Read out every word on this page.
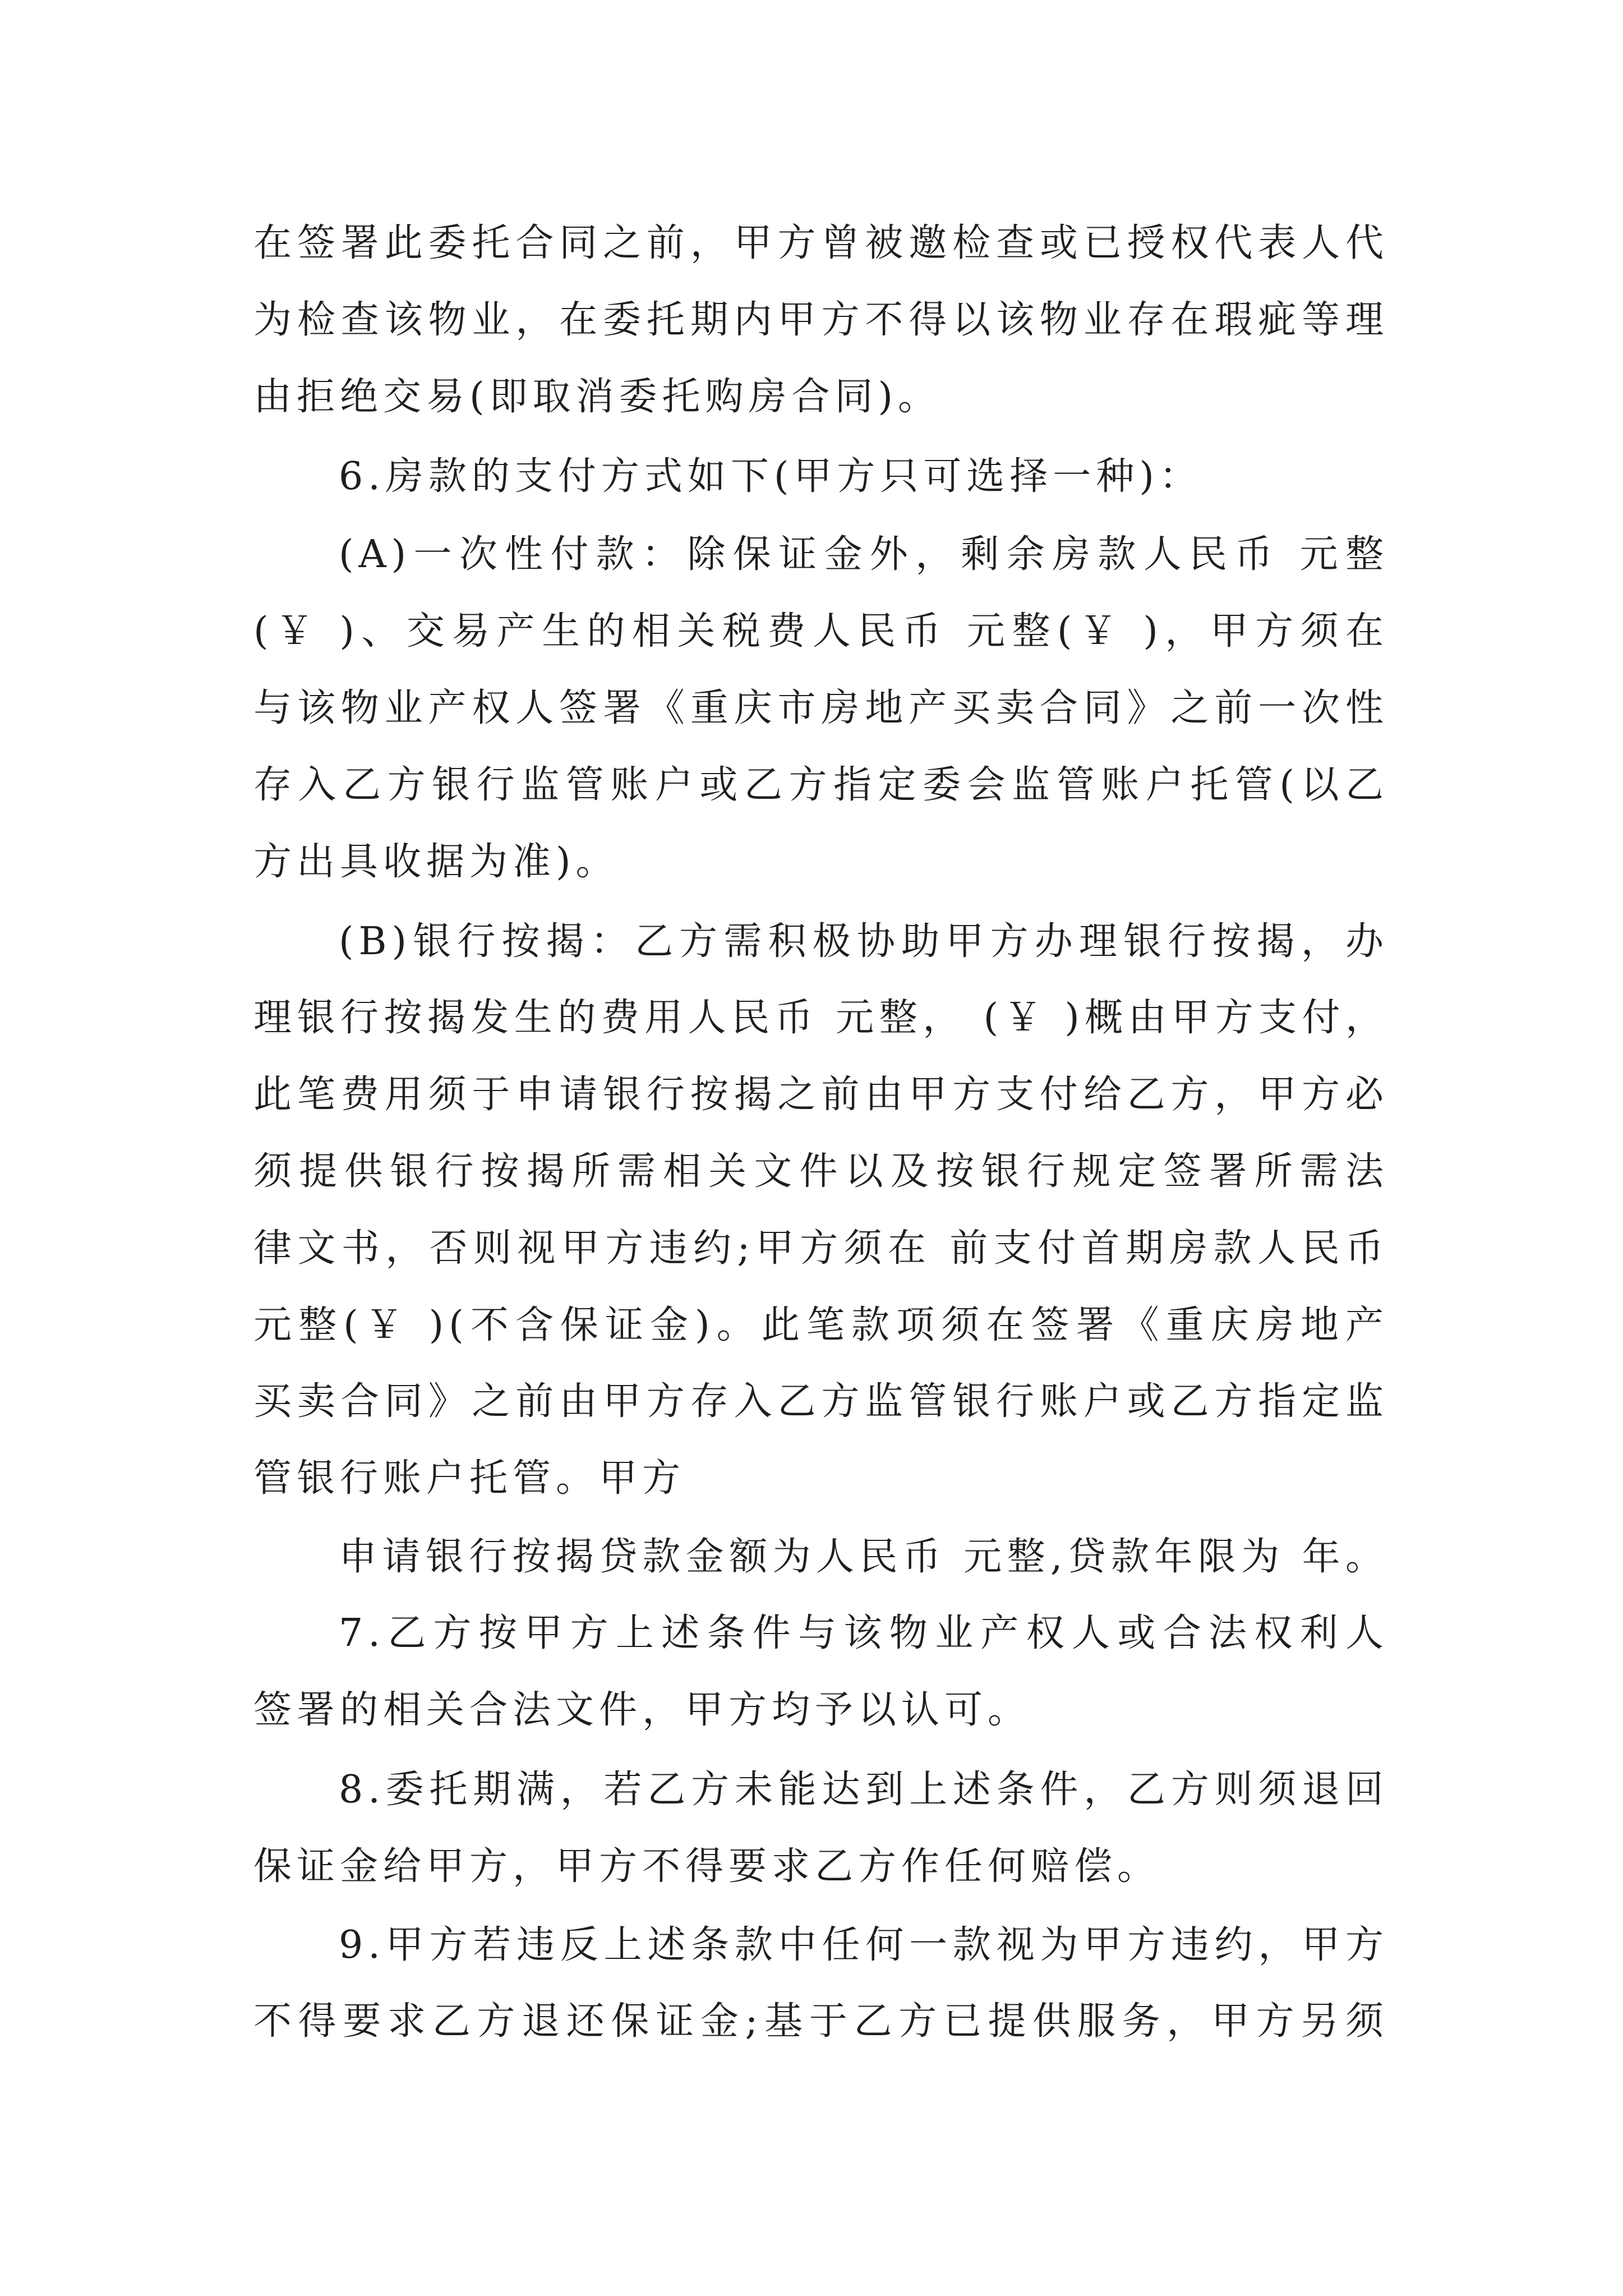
在签署此委托合同之前，甲方曾被邀检查或已授权代表人代
为检查该物业，在委托期内甲方不得以该物业存在瑕疵等理
由拒绝交易(即取消委托购房合同)。
6.房款的支付方式如下(甲方只可选择一种)：
(A)一次性付款：除保证金外，剩余房款人民币 元整
(￥ )、交易产生的相关税费人民币 元整(￥ )，甲方须在
与该物业产权人签署《重庆市房地产买卖合同》之前一次性
存入乙方银行监管账户或乙方指定委会监管账户托管(以乙
方出具收据为准)。
(B)银行按揭：乙方需积极协助甲方办理银行按揭，办
理银行按揭发生的费用人民币 元整， (￥ )概由甲方支付，
此笔费用须于申请银行按揭之前由甲方支付给乙方，甲方必
须提供银行按揭所需相关文件以及按银行规定签署所需法
律文书，否则视甲方违约;甲方须在 前支付首期房款人民币
元整(￥ )(不含保证金)。此笔款项须在签署《重庆房地产
买卖合同》之前由甲方存入乙方监管银行账户或乙方指定监
管银行账户托管。甲方
申请银行按揭贷款金额为人民币 元整,贷款年限为 年。
7.乙方按甲方上述条件与该物业产权人或合法权利人
签署的相关合法文件，甲方均予以认可。
8.委托期满，若乙方未能达到上述条件，乙方则须退回
保证金给甲方，甲方不得要求乙方作任何赔偿。
9.甲方若违反上述条款中任何一款视为甲方违约，甲方
不得要求乙方退还保证金;基于乙方已提供服务，甲方另须
